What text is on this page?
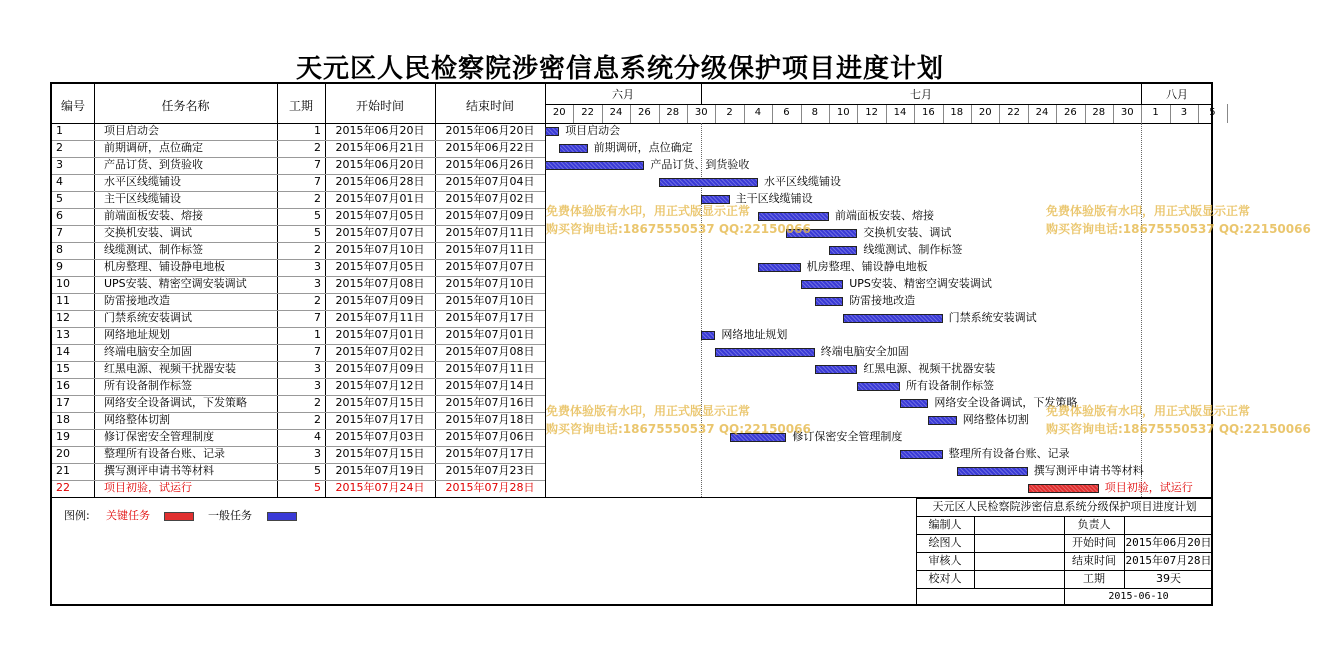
天元区人民检察院涉密信息系统分级保护项目进度计划
编号	任务名称	工期	开始时间	结束时间
六月	七月	八月
20	22	24	26	28	30	2	4	6	8	10	12	14	16	18	20	22	24	26	28	30	1	3	5
1	项目启动会	1	2015年06月20日	2015年06月20日
2	前期调研，点位确定	2	2015年06月21日	2015年06月22日
3	产品订货、到货验收	7	2015年06月20日	2015年06月26日
4	水平区线缆铺设	7	2015年06月28日	2015年07月04日
5	主干区线缆铺设	2	2015年07月01日	2015年07月02日
6	前端面板安装、熔接	5	2015年07月05日	2015年07月09日
7	交换机安装、调试	5	2015年07月07日	2015年07月11日
8	线缆测试、制作标签	2	2015年07月10日	2015年07月11日
9	机房整理、铺设静电地板	3	2015年07月05日	2015年07月07日
10	UPS安装、精密空调安装调试	3	2015年07月08日	2015年07月10日
11	防雷接地改造	2	2015年07月09日	2015年07月10日
12	门禁系统安装调试	7	2015年07月11日	2015年07月17日
13	网络地址规划	1	2015年07月01日	2015年07月01日
14	终端电脑安全加固	7	2015年07月02日	2015年07月08日
15	红黑电源、视频干扰器安装	3	2015年07月09日	2015年07月11日
16	所有设备制作标签	3	2015年07月12日	2015年07月14日
17	网络安全设备调试，下发策略	2	2015年07月15日	2015年07月16日
18	网络整体切割	2	2015年07月17日	2015年07月18日
19	修订保密安全管理制度	4	2015年07月03日	2015年07月06日
20	整理所有设备台账、记录	3	2015年07月15日	2015年07月17日
21	撰写测评申请书等材料	5	2015年07月19日	2015年07月23日
22	项目初验，试运行	5	2015年07月24日	2015年07月28日
项目启动会
前期调研，点位确定
产品订货、到货验收
水平区线缆铺设
主干区线缆铺设
前端面板安装、熔接
交换机安装、调试
线缆测试、制作标签
机房整理、铺设静电地板
UPS安装、精密空调安装调试
防雷接地改造
门禁系统安装调试
网络地址规划
终端电脑安全加固
红黑电源、视频干扰器安装
所有设备制作标签
网络安全设备调试，下发策略
网络整体切割
修订保密安全管理制度
整理所有设备台账、记录
撰写测评申请书等材料
项目初验，试运行
图例: 关键任务	一般任务
天元区人民检察院涉密信息系统分级保护项目进度计划
编制人	负责人
绘图人	开始时间 2015年06月20日
审核人	结束时间 2015年07月28日
校对人	工期	39天
2015-06-10
免费体验版有水印，用正式版显示正常
购买咨询电话:18675550537 QQ:22150066
免费体验版有水印，用正式版显示正常
购买咨询电话:18675550537 QQ:22150066
免费体验版有水印，用正式版显示正常
购买咨询电话:18675550537 QQ:22150066
免费体验版有水印，用正式版显示正常
购买咨询电话:18675550537 QQ:22150066
